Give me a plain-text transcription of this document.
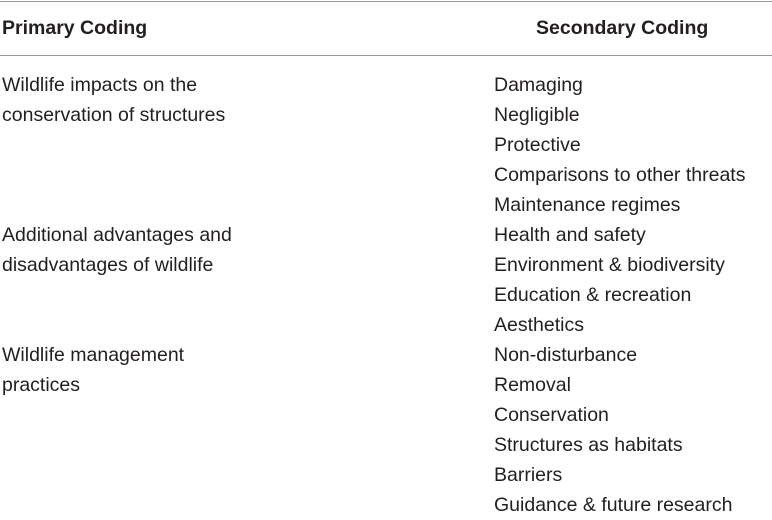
Primary Coding	Secondary Coding
Wildlife impacts on the conservation of structures
Damaging
Negligible
Protective
Comparisons to other threats
Maintenance regimes
Additional advantages and disadvantages of wildlife
Health and safety
Environment & biodiversity
Education & recreation
Aesthetics
Wildlife management practices
Non-disturbance
Removal
Conservation
Structures as habitats
Barriers
Guidance & future research
